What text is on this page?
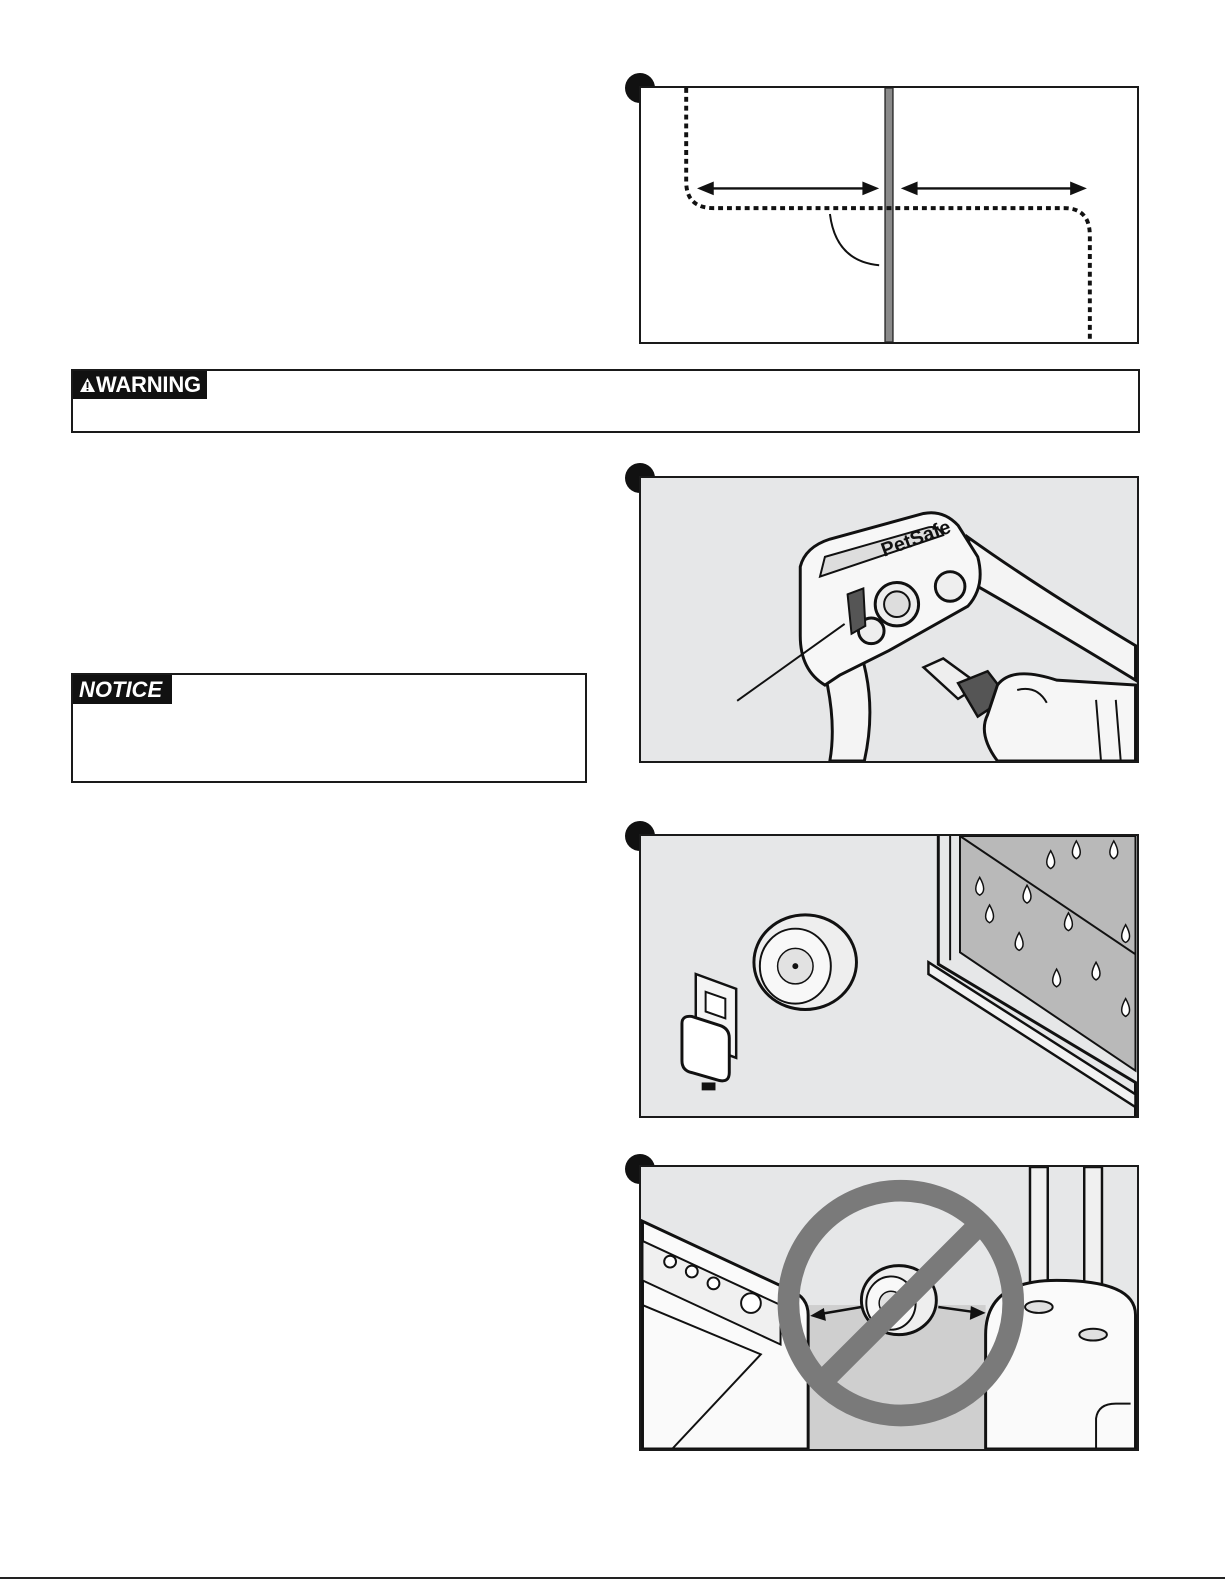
WARNING
PetSafe
NOTICE
